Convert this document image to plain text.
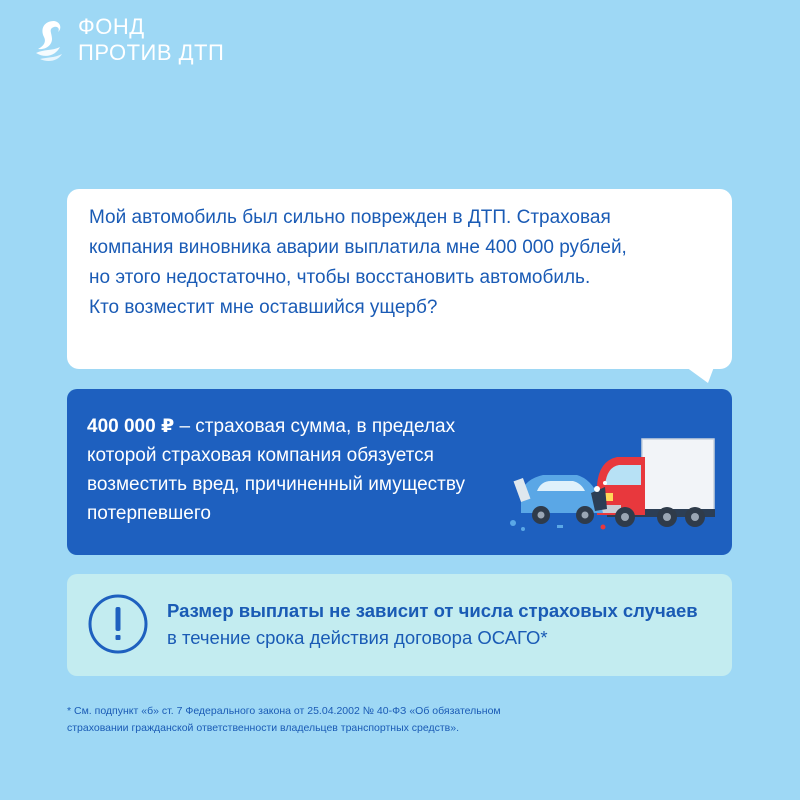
ФОНД
ПРОТИВ ДТП

Мой автомобиль был сильно поврежден в ДТП. Страховая
компания виновника аварии выплатила мне 400 000 рублей,
но этого недостаточно, чтобы восстановить автомобиль.
Кто возместит мне оставшийся ущерб?

400 000 ₽ – страховая сумма, в пределах
которой страховая компания обязуется
возместить вред, причиненный имуществу
потерпевшего

Размер выплаты не зависит от числа страховых случаев

в течение срока действия договора ОСАГО*

* См. подпункт «б» ст. 7 Федерального закона от 25.04.2002 № 40-ФЗ «Об обязательном
страховании гражданской ответственности владельцев транспортных средств».
